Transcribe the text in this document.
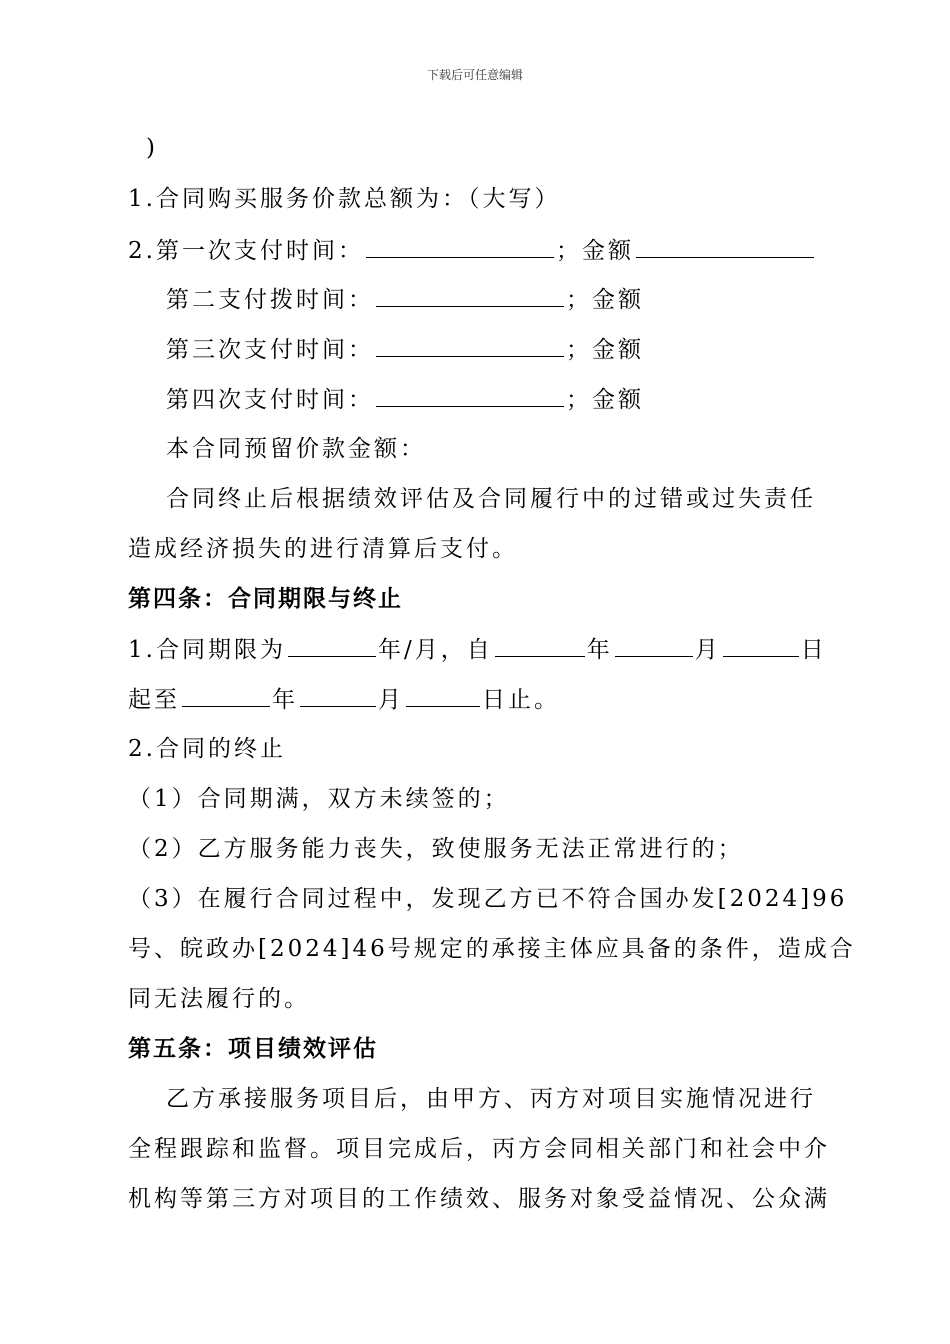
下载后可任意编辑
)
1.合同购买服务价款总额为：（大写）
2.第一次支付时间：	；金额
第二支付拨时间：	；金额
第三次支付时间：	；金额
第四次支付时间：	；金额
本合同预留价款金额：
合同终止后根据绩效评估及合同履行中的过错或过失责任
造成经济损失的进行清算后支付。
第四条：合同期限与终止
1.合同期限为	年/月，自	年	月	日
起至	年	月	日止。
2.合同的终止
（1）合同期满，双方未续签的；
（2）乙方服务能力丧失，致使服务无法正常进行的；
（3）在履行合同过程中，发现乙方已不符合国办发[2024]96
号、皖政办[2024]46号规定的承接主体应具备的条件，造成合
同无法履行的。
第五条：项目绩效评估
乙方承接服务项目后，由甲方、丙方对项目实施情况进行
全程跟踪和监督。项目完成后，丙方会同相关部门和社会中介
机构等第三方对项目的工作绩效、服务对象受益情况、公众满
